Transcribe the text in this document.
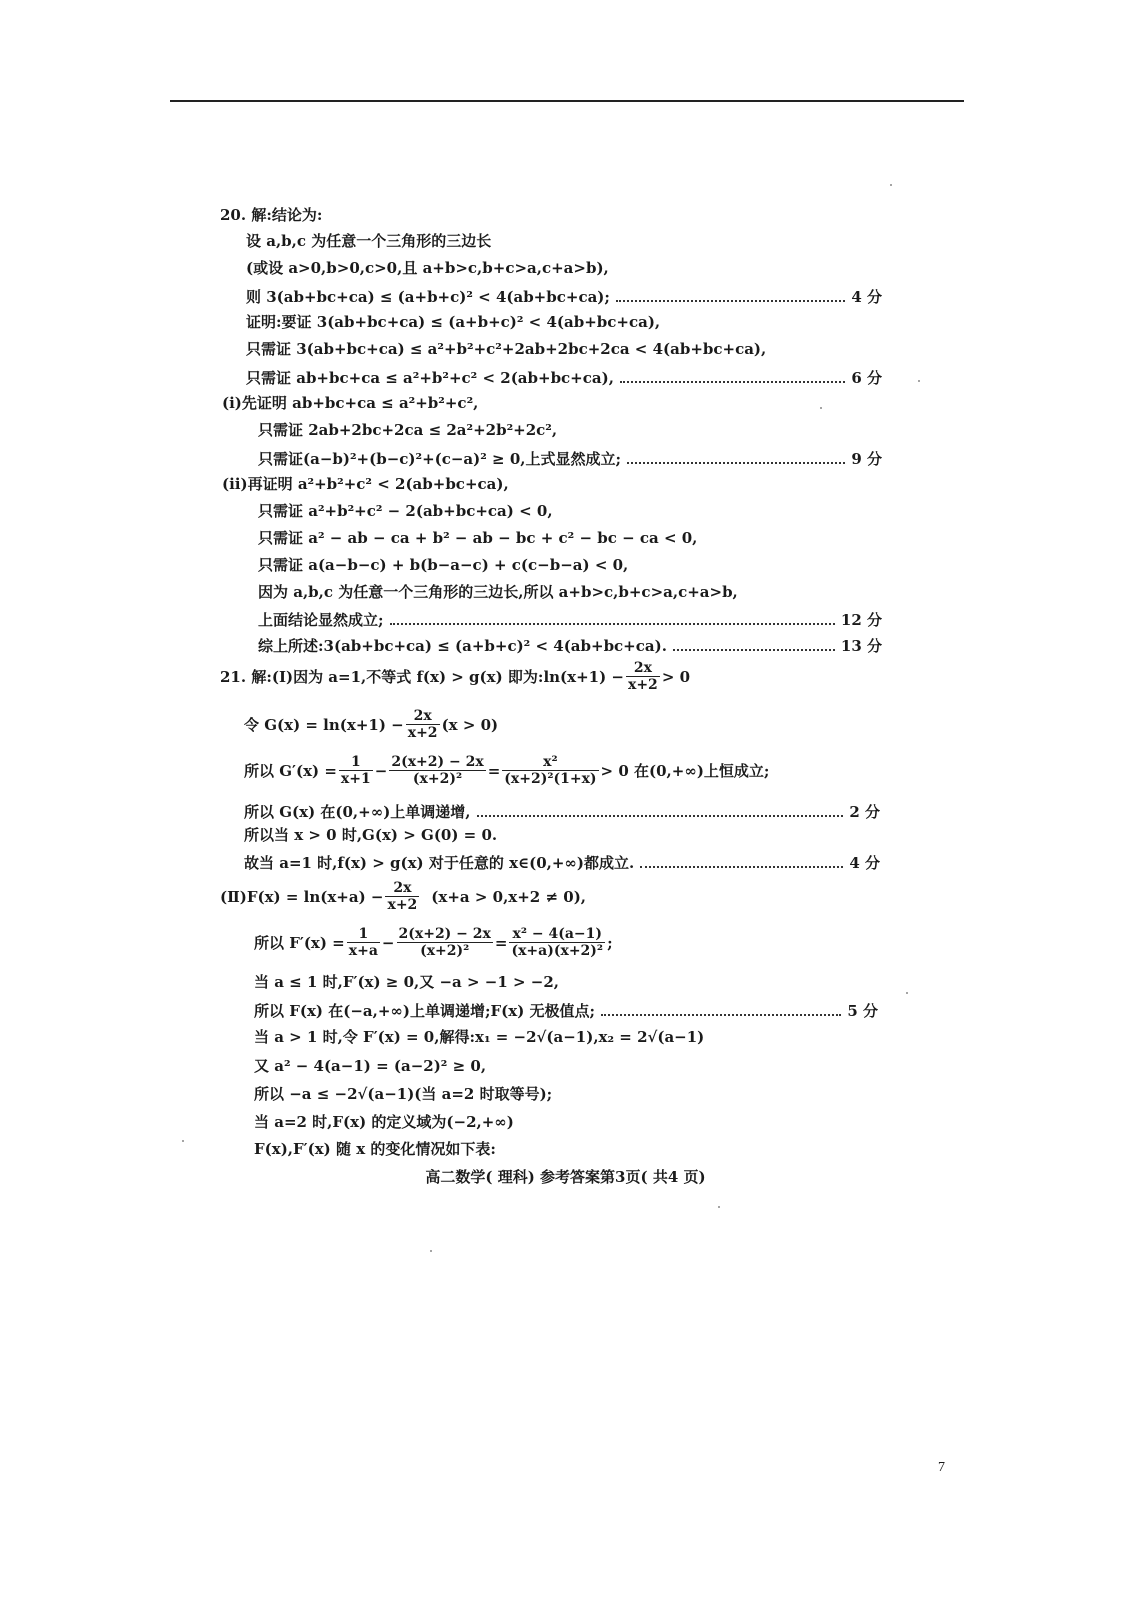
20. 解:结论为:
设 a,b,c 为任意一个三角形的三边长
(或设 a>0,b>0,c>0,且 a+b>c,b+c>a,c+a>b),
则 3(ab+bc+ca) ≤ (a+b+c)² < 4(ab+bc+ca);	4 分
证明:要证 3(ab+bc+ca) ≤ (a+b+c)² < 4(ab+bc+ca),
只需证 3(ab+bc+ca) ≤ a²+b²+c²+2ab+2bc+2ca < 4(ab+bc+ca),
只需证 ab+bc+ca ≤ a²+b²+c² < 2(ab+bc+ca),	6 分
(ⅰ)先证明 ab+bc+ca ≤ a²+b²+c²,
只需证 2ab+2bc+2ca ≤ 2a²+2b²+2c²,
只需证(a−b)²+(b−c)²+(c−a)² ≥ 0,上式显然成立;	9 分
(ⅱ)再证明 a²+b²+c² < 2(ab+bc+ca),
只需证 a²+b²+c² − 2(ab+bc+ca) < 0,
只需证 a² − ab − ca + b² − ab − bc + c² − bc − ca < 0,
只需证 a(a−b−c) + b(b−a−c) + c(c−b−a) < 0,
因为 a,b,c 为任意一个三角形的三边长,所以 a+b>c,b+c>a,c+a>b,
上面结论显然成立;	12 分
综上所述:3(ab+bc+ca) ≤ (a+b+c)² < 4(ab+bc+ca).	13 分
21. 解:(Ⅰ)因为 a=1,不等式 f(x) > g(x) 即为:ln(x+1) − $\frac{2x}{x+2} > 0$
令 $G(x) = \ln(x+1) - \frac{2x}{x+2} (x > 0)$
所以 $G'(x) = \frac{1}{x+1} - \frac{2(x+2) - 2x}{\text{(x+2)²}} = \frac{\text{x²}}{\text{(x+2)²(1+x)}} > 0$ 在(0,+∞)上恒成立;
所以 G(x) 在(0,+∞)上单调递增,	2 分
所以当 x > 0 时,G(x) > G(0) = 0.
故当 a=1 时,f(x) > g(x) 对于任意的 x∈(0,+∞)都成立.	4 分
(Ⅱ)F(x) = $\ln(x+a) - \frac{2x}{x+2} (x+a > 0,x+2 \ne 0)$,
所以 $F'(x) = \frac{1}{x+a} - \frac{2(x+2) - 2x}{\text{(x+2)²}} = \frac{\text{x² − 4(a−1)}}{\text{(x+a)(x+2)²}}$ ;
当 a ≤ 1 时,F′(x) ≥ 0,又 −a > −1 > −2,
所以 F(x) 在(−a,+∞)上单调递增;F(x) 无极值点;	5 分
当 a > 1 时,令 F′(x) = 0,解得:x₁ = −2√(a−1),x₂ = 2√(a−1)
又 a² − 4(a−1) = (a−2)² ≥ 0,
所以 −a ≤ −2√(a−1)(当 a=2 时取等号);
当 a=2 时,F(x) 的定义域为(−2,+∞)
F(x),F′(x) 随 x 的变化情况如下表:
高二数学( 理科) 参考答案第3页( 共4 页)
7
